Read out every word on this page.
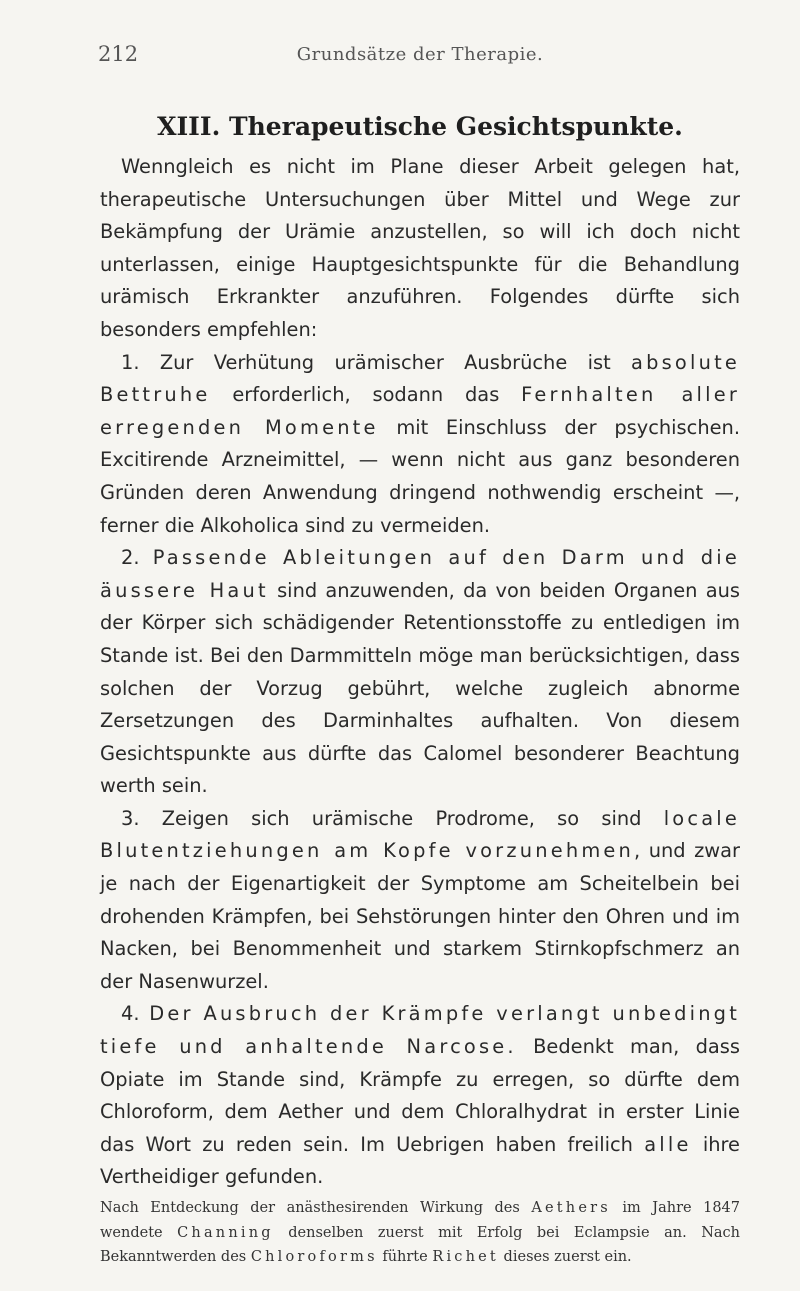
212	Grundsätze der Therapie.
XIII. Therapeutische Gesichtspunkte.

Wenngleich es nicht im Plane dieser Arbeit gelegen hat, therapeutische Untersuchungen über Mittel und Wege zur Bekämpfung der Urämie anzustellen, so will ich doch nicht unterlassen, einige Hauptgesichtspunkte für die Behandlung urämisch Erkrankter anzuführen. Folgendes dürfte sich besonders empfehlen:

1. Zur Verhütung urämischer Ausbrüche ist absolute Bettruhe erforderlich, sodann das Fernhalten aller erregenden Momente mit Einschluss der psychischen. Excitirende Arzneimittel, — wenn nicht aus ganz besonderen Gründen deren Anwendung dringend nothwendig erscheint —, ferner die Alkoholica sind zu vermeiden.

2. Passende Ableitungen auf den Darm und die äussere Haut sind anzuwenden, da von beiden Organen aus der Körper sich schädigender Retentionsstoffe zu entledigen im Stande ist. Bei den Darmmitteln möge man berücksichtigen, dass solchen der Vorzug gebührt, welche zugleich abnorme Zersetzungen des Darminhaltes aufhalten. Von diesem Gesichtspunkte aus dürfte das Calomel besonderer Beachtung werth sein.

3. Zeigen sich urämische Prodrome, so sind locale Blutentziehungen am Kopfe vorzunehmen, und zwar je nach der Eigenartigkeit der Symptome am Scheitelbein bei drohenden Krämpfen, bei Sehstörungen hinter den Ohren und im Nacken, bei Benommenheit und starkem Stirnkopfschmerz an der Nasenwurzel.

4. Der Ausbruch der Krämpfe verlangt unbedingt tiefe und anhaltende Narcose. Bedenkt man, dass Opiate im Stande sind, Krämpfe zu erregen, so dürfte dem Chloroform, dem Aether und dem Chloralhydrat in erster Linie das Wort zu reden sein. Im Uebrigen haben freilich alle ihre Vertheidiger gefunden.

Nach Entdeckung der anästhesirenden Wirkung des Aethers im Jahre 1847 wendete Channing denselben zuerst mit Erfolg bei Eclampsie an. Nach Bekanntwerden des Chloroforms führte Richet dieses zuerst ein.
